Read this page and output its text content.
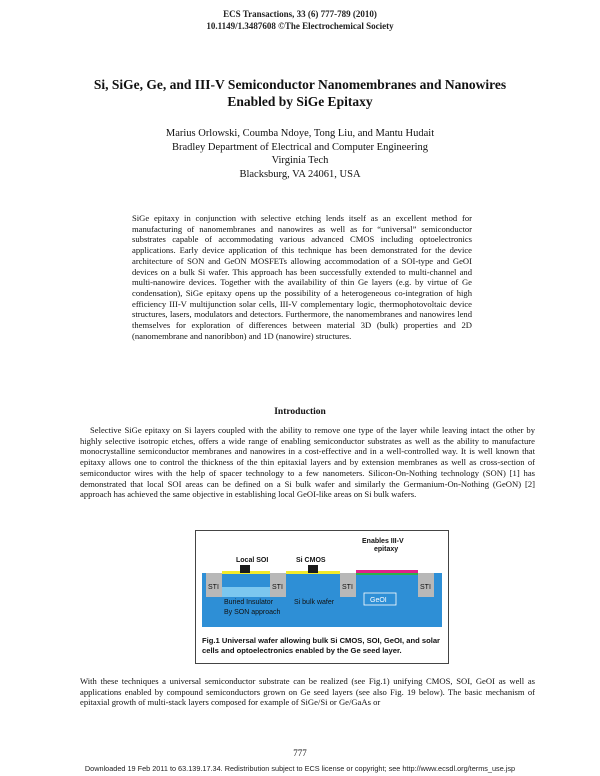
ECS Transactions, 33 (6) 777-789 (2010)
10.1149/1.3487608 ©The Electrochemical Society
Si, SiGe, Ge, and III-V Semiconductor Nanomembranes and Nanowires
Enabled by SiGe Epitaxy
Marius Orlowski, Coumba Ndoye, Tong Liu, and Mantu Hudait
Bradley Department of Electrical and Computer Engineering
Virginia Tech
Blacksburg, VA 24061, USA

SiGe epitaxy in conjunction with selective etching lends itself as an excellent method for manufacturing of nanomembranes and nanowires as well as for “universal” semiconductor substrates capable of accommodating various advanced CMOS including optoelectronics applications. Early device application of this technique has been demonstrated for the device architecture of SON and GeON MOSFETs allowing accommodation of a SOI-type and GeOI devices on a bulk Si wafer. This approach has been successfully extended to multi-channel and multi-nanowire devices. Together with the availability of thin Ge layers (e.g. by virtue of Ge condensation), SiGe epitaxy opens up the possibility of a heterogeneous co-integration of high efficiency III-V multijunction solar cells, III-V complementary logic, thermophotovoltaic device structures, lasers, modulators and detectors. Furthermore, the nanomembranes and nanowires lend themselves for exploration of differences between material 3D (bulk) properties and 2D (nanomembrane and nanoribbon) and 1D (nanowire) structures.

Introduction

Selective SiGe epitaxy on Si layers coupled with the ability to remove one type of the layer while leaving intact the other by highly selective isotropic etches, offers a wide range of enabling semiconductor substrates as well as the ability to manufacture monocrystalline semiconductor membranes and nanowires in a cost-effective and in a well-controlled way. It is well known that epitaxy allows one to control the thickness of the thin epitaxial layers and by extension membranes as well as cross-section of semiconductor wires with the help of spacer technology to a few nanometers. Silicon-On-Nothing technology (SON) [1] has demonstrated that local SOI areas can be defined on a Si bulk wafer and similarly the Germanium-On-Nothing (GeON) [2] approach has achieved the same objective in establishing local GeOI-like areas on Si bulk wafers.

Enables III-V
epitaxy
Local SOI	Si CMOS
STI	STI	STI	STI
Buried Insulator
By SON approach
Si bulk wafer	GeOI
Fig.1 Universal wafer allowing bulk Si CMOS, SOI, GeOI, and solar cells and optoelectronics enabled by the Ge seed layer.

With these techniques a universal semiconductor substrate can be realized (see Fig.1) unifying CMOS, SOI, GeOI as well as applications enabled by compound semiconductors grown on Ge seed layers (see also Fig. 19 below). The basic mechanism of epitaxial growth of multi-stack layers composed for example of SiGe/Si or Ge/GaAs or

777
Downloaded 19 Feb 2011 to 63.139.17.34. Redistribution subject to ECS license or copyright; see http://www.ecsdl.org/terms_use.jsp
